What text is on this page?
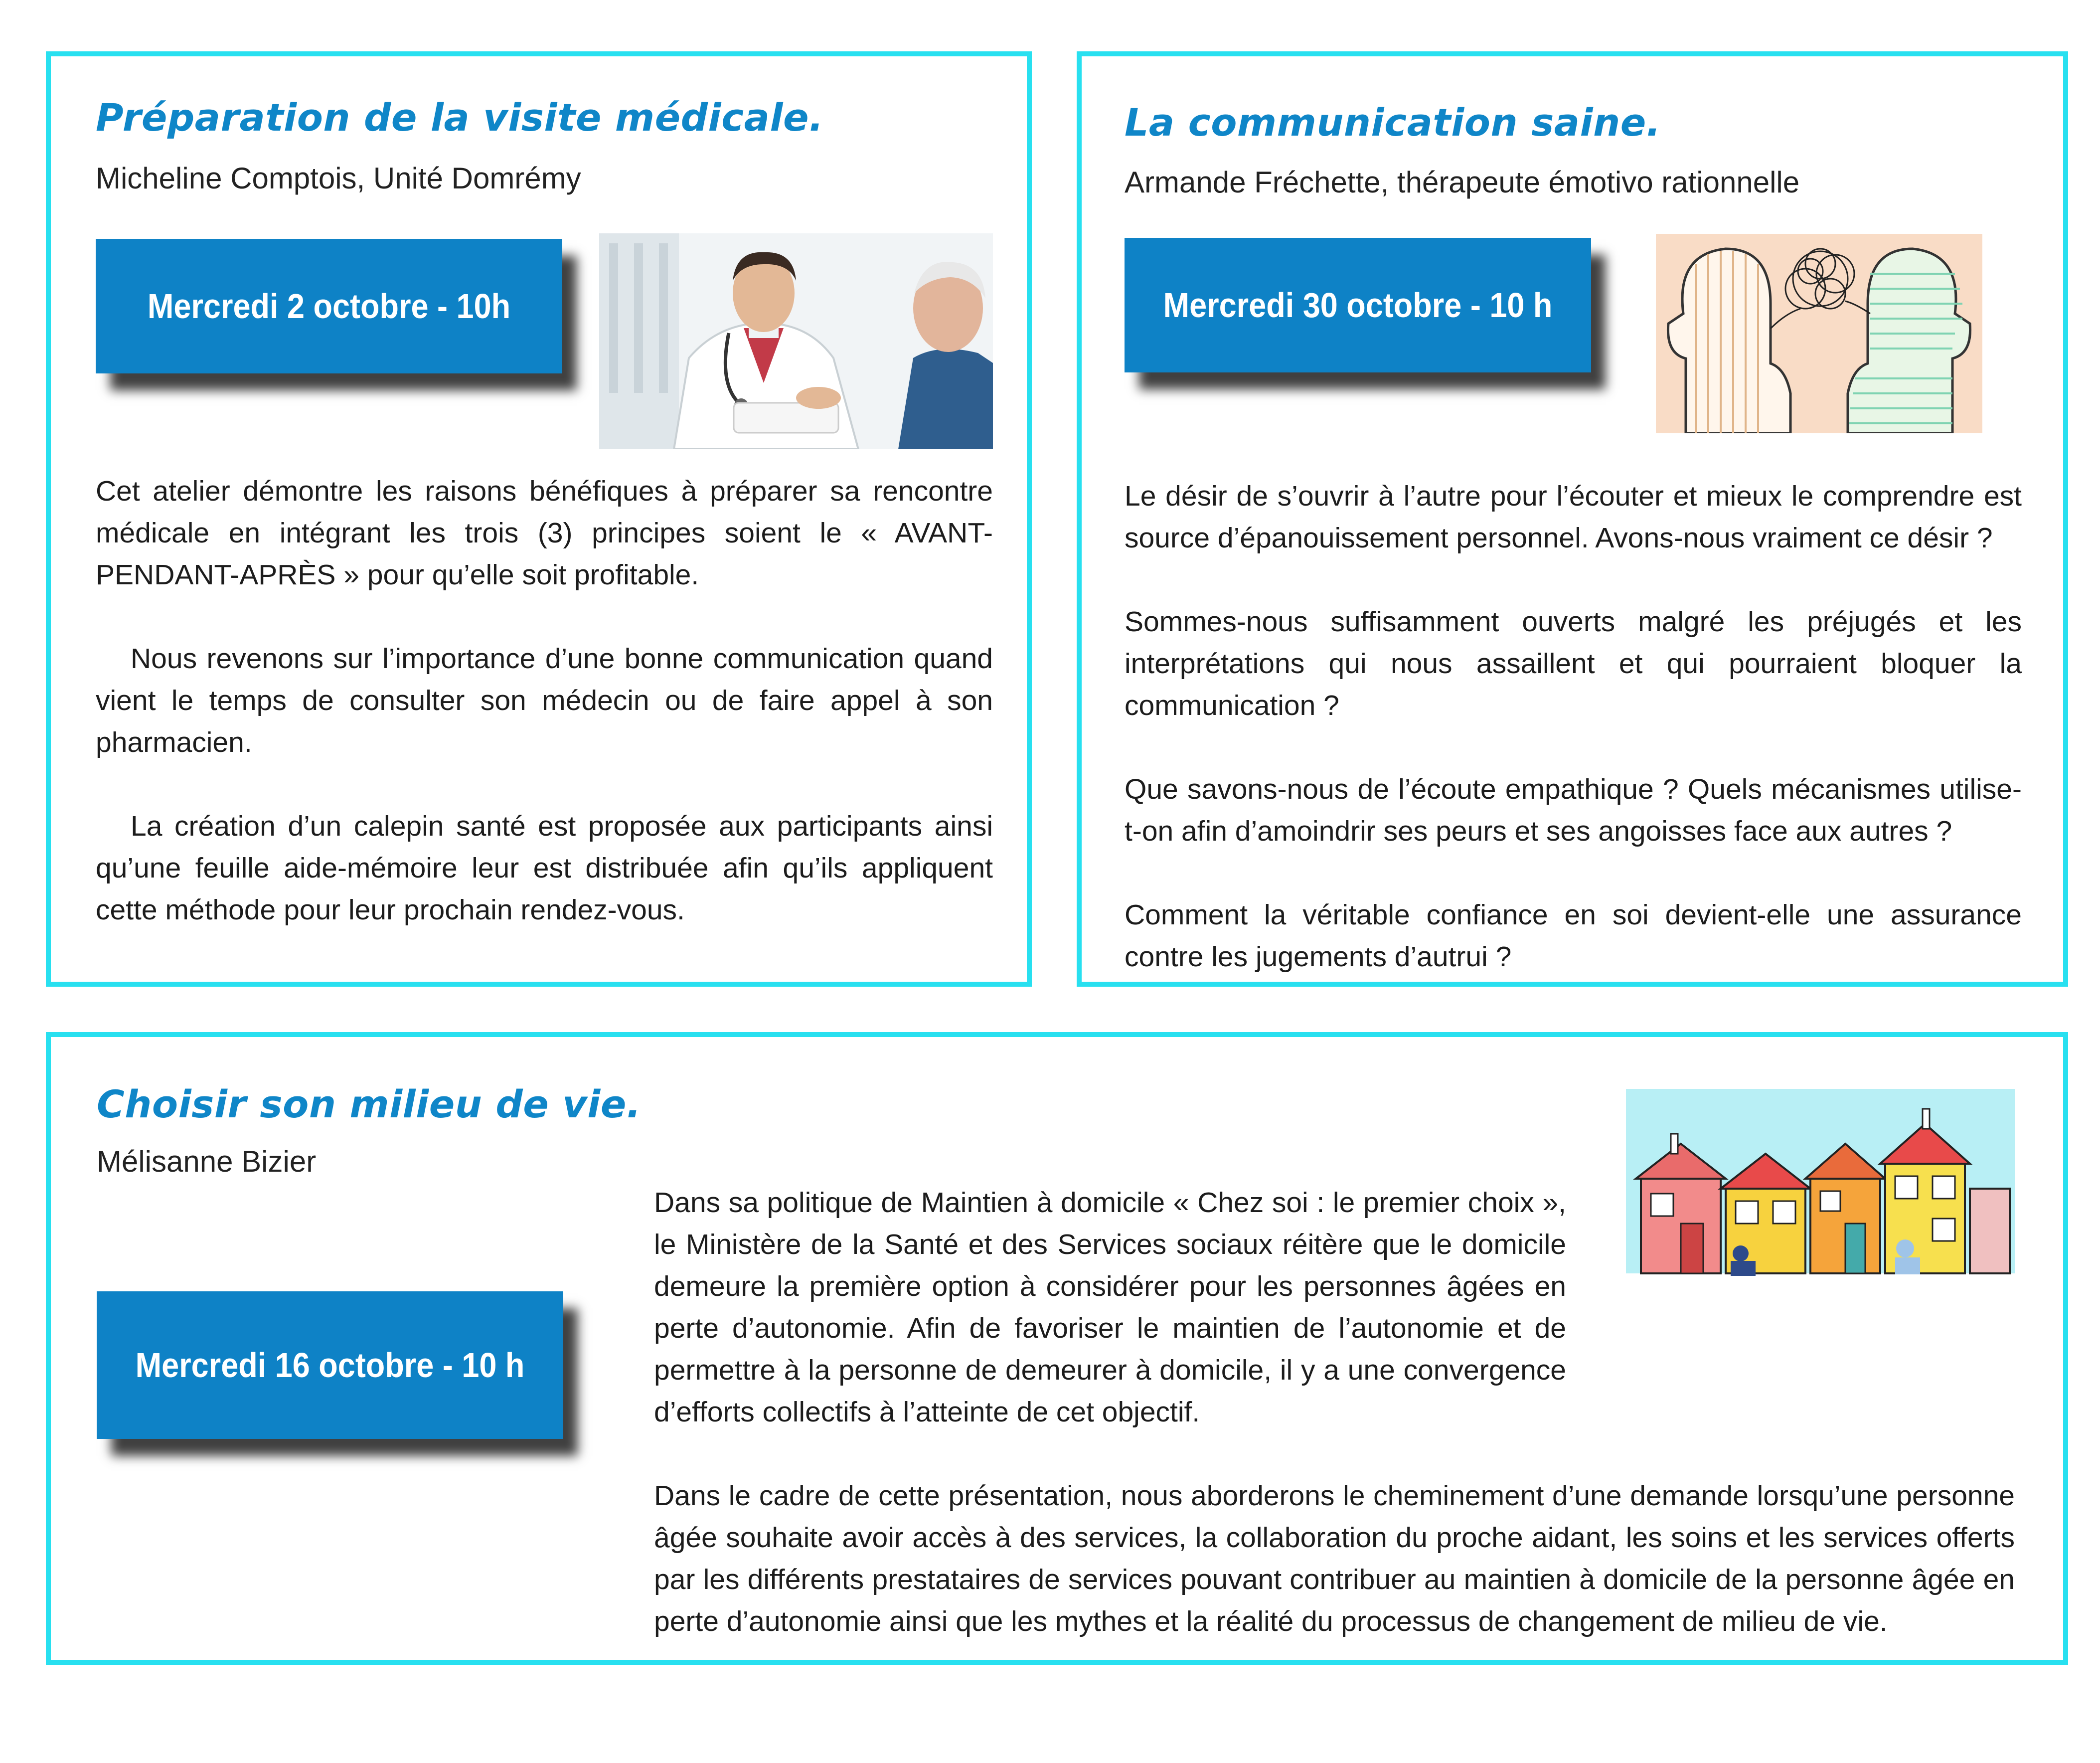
Préparation de la visite médicale.
Micheline Comptois, Unité Domrémy
Mercredi 2 octobre - 10h

Cet atelier démontre les raisons bénéfiques à préparer sa rencontre médicale en intégrant les trois (3) principes soient le « AVANT-PENDANT-APRÈS » pour qu’elle soit profitable.

Nous revenons sur l’importance d’une bonne communication quand vient le temps de consulter son médecin ou de faire appel à son pharmacien.

La création d’un calepin santé est proposée aux participants ainsi qu’une feuille aide-mémoire leur est distribuée afin qu’ils appliquent cette méthode pour leur prochain rendez-vous.

La communication saine.
Armande Fréchette, thérapeute émotivo rationnelle
Mercredi 30 octobre - 10 h

Le désir de s’ouvrir à l’autre pour l’écouter et mieux le comprendre est source d’épanouissement personnel. Avons-nous vraiment ce désir ?

Sommes-nous suffisamment ouverts malgré les préjugés et les interprétations qui nous assaillent et qui pourraient bloquer la communication ?

Que savons-nous de l’écoute empathique ? Quels mécanismes utilise-t-on afin d’amoindrir ses peurs et ses angoisses face aux autres ?

Comment la véritable confiance en soi devient-elle une assurance contre les jugements d’autrui ?

Choisir son milieu de vie.
Mélisanne Bizier
Mercredi 16 octobre - 10 h

Dans sa politique de Maintien à domicile « Chez soi : le premier choix », le Ministère de la Santé et des Services sociaux réitère que le domicile demeure la première option à considérer pour les personnes âgées en perte d’autonomie. Afin de favoriser le maintien de l’autonomie et de permettre à la personne de demeurer à domicile, il y a une convergence d’efforts collectifs à l’atteinte de cet objectif.

Dans le cadre de cette présentation, nous aborderons le cheminement d’une demande lorsqu’une personne âgée souhaite avoir accès à des services, la collaboration du proche aidant, les soins et les services offerts par les différents prestataires de services pouvant contribuer au maintien à domicile de la personne âgée en perte d’autonomie ainsi que les mythes et la réalité du processus de changement de milieu de vie.
